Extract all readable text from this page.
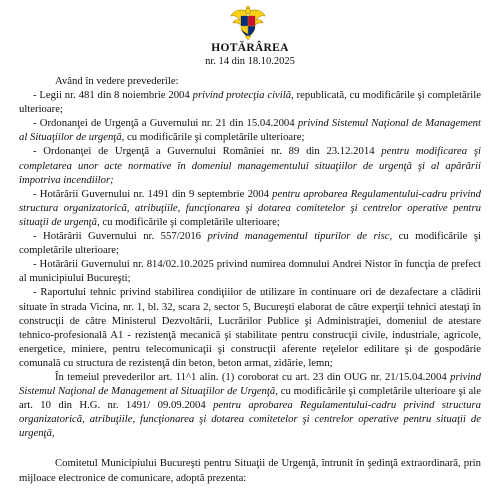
HOTĂRÂREA
nr. 14 din 18.10.2025

Având în vedere prevederile:

- Legii nr. 481 din 8 noiembrie 2004 privind protecţia civilă, republicată, cu modificările şi completările ulterioare;

- Ordonanţei de Urgenţă a Guvernului nr. 21 din 15.04.2004 privind Sistemul Naţional de Management al Situaţiilor de urgenţă, cu modificările şi completările ulterioare;

- Ordonanţei de Urgenţă a Guvernului României nr. 89 din 23.12.2014 pentru modificarea şi completarea unor acte normative în domeniul managementului situaţiilor de urgenţă şi al apărării împotriva incendiilor;

- Hotărârii Guvernului nr. 1491 din 9 septembrie 2004 pentru aprobarea Regulamentului-cadru privind structura organizatorică, atribuţiile, funcţionarea şi dotarea comitetelor şi centrelor operative pentru situaţii de urgenţă, cu modificările şi completările ulterioare;

- Hotărârii Guvernului nr. 557/2016 privind managementul tipurilor de risc, cu modificările şi completările ulterioare;

- Hotărârii Guvernului nr. 814/02.10.2025 privind numirea domnului Andrei Nistor în funcţia de prefect al municipiului Bucureşti;

- Raportului tehnic privind stabilirea condiţiilor de utilizare în continuare ori de dezafectare a clădirii situate în strada Vicina, nr. 1, bl. 32, scara 2, sector 5, Bucureşti elaborat de către experţii tehnici atestaţi în construcţii de către Ministerul Dezvoltării, Lucrărilor Publice şi Administraţiei, domeniul de atestare tehnico-profesională A1 - rezistenţă mecanică şi stabilitate pentru construcţii civile, industriale, agricole, energetice, miniere, pentru telecomunicaţii şi construcţii aferente reţelelor edilitare şi de gospodărie comunală cu structura de rezistenţă din beton, beton armat, zidărie, lemn;

În temeiul prevederilor art. 11^1 alin. (1) coroborat cu art. 23 din OUG nr. 21/15.04.2004 privind Sistemul Naţional de Management al Situaţiilor de Urgenţă, cu modificările şi completările ulterioare şi ale art. 10 din H.G. nr. 1491/ 09.09.2004 pentru aprobarea Regulamentului-cadru privind structura organizatorică, atribuţiile, funcţionarea şi dotarea comitetelor şi centrelor operative pentru situaţii de urgenţă,

Comitetul Municipiului Bucureşti pentru Situaţii de Urgenţă, întrunit în şedinţă extraordinară, prin mijloace electronice de comunicare, adoptă prezenta:
